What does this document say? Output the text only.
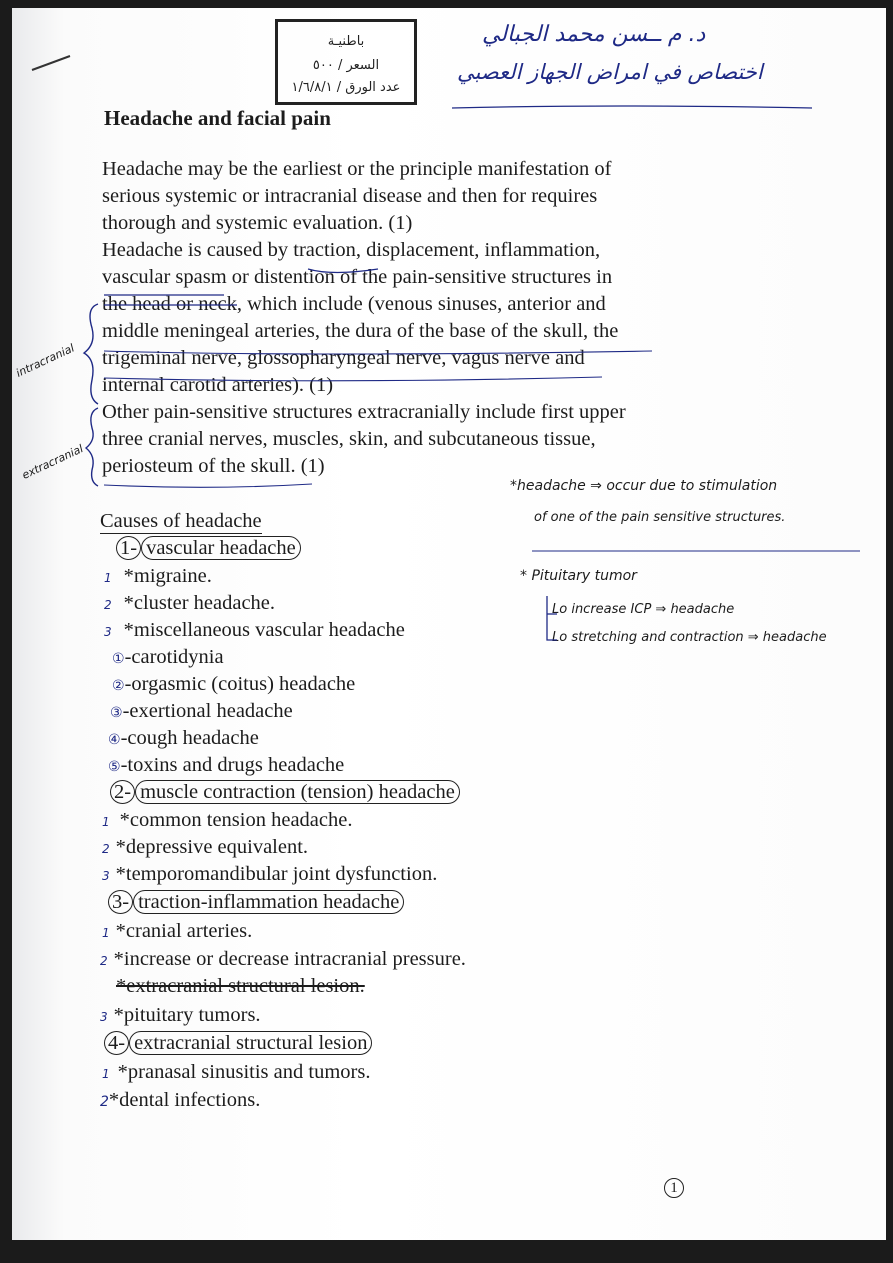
باطنيـة
السعر / ٥٠٠
عدد الورق / ١/٦/٨/١
د. م ــسن محمد الجبالي
اختصاص في امراض الجهاز العصبي
Headache and facial pain
Headache may be the earliest or the principle manifestation of
serious systemic or intracranial disease and then for requires
thorough and systemic evaluation. (1)
Headache is caused by traction, displacement, inflammation,
vascular spasm or distention of the pain-sensitive structures in
the head or neck, which include (venous sinuses, anterior and
middle meningeal arteries, the dura of the base of the skull, the
trigeminal nerve, glossopharyngeal nerve, vagus nerve and
internal carotid arteries). (1)
Other pain-sensitive structures extracranially include first upper
three cranial nerves, muscles, skin, and subcutaneous tissue,
periosteum of the skull. (1)
intracranial
extracranial
*headache ⇒ occur due to stimulation
of one of the pain sensitive structures.
* Pituitary tumor
Lo increase ICP ⇒ headache
Lo stretching and contraction ⇒ headache
Causes of headache
1- vascular headache
1 *migraine.
2 *cluster headache.
3 *miscellaneous vascular headache
①-carotidynia
②-orgasmic (coitus) headache
③-exertional headache
④-cough headache
⑤-toxins and drugs headache
2- muscle contraction (tension) headache
1 *common tension headache.
2 *depressive equivalent.
3 *temporomandibular joint dysfunction.
3- traction-inflammation headache
1 *cranial arteries.
2 *increase or decrease intracranial pressure.
*extracranial structural lesion.
3 *pituitary tumors.
4- extracranial structural lesion
1 *pranasal sinusitis and tumors.
2*dental infections.
1
